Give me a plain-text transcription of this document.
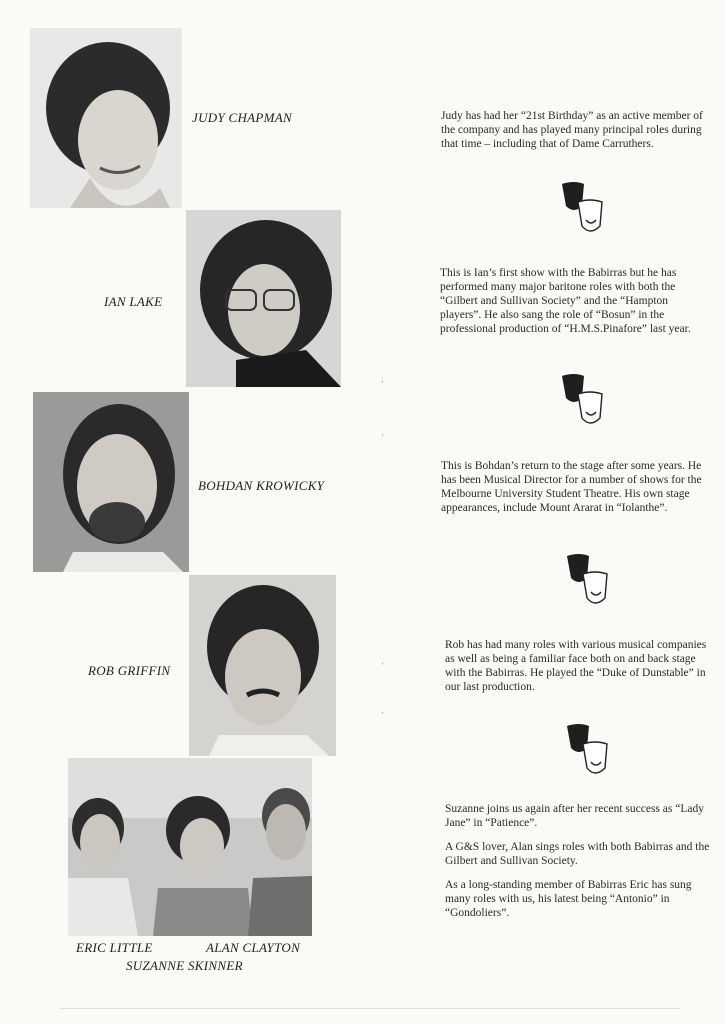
JUDY CHAPMAN
IAN LAKE
BOHDAN KROWICKY
ROB GRIFFIN
ERIC LITTLE	ALAN CLAYTON
SUZANNE SKINNER

Judy has had her “21st Birthday” as an active member of the company and has played many principal roles during that time – including that of Dame Carruthers.

This is Ian’s first show with the Babirras but he has performed many major baritone roles with both the “Gilbert and Sullivan Society” and the “Hampton players”. He also sang the role of “Bosun” in the professional production of “H.M.S.Pinafore” last year.

This is Bohdan’s return to the stage after some years. He has been Musical Director for a number of shows for the Melbourne University Student Theatre. His own stage appearances, include Mount Ararat in “Iolanthe”.

Rob has had many roles with various musical companies as well as being a familiar face both on and back stage with the Babirras. He played the “Duke of Dunstable” in our last production.

Suzanne joins us again after her recent success as “Lady Jane” in “Patience”.

A G&S lover, Alan sings roles with both Babirras and the Gilbert and Sullivan Society.

As a long-standing member of Babirras Eric has sung many roles with us, his latest being “Antonio” in “Gondoliers”.

ˈ
ˌ
ˈ
ˌ
